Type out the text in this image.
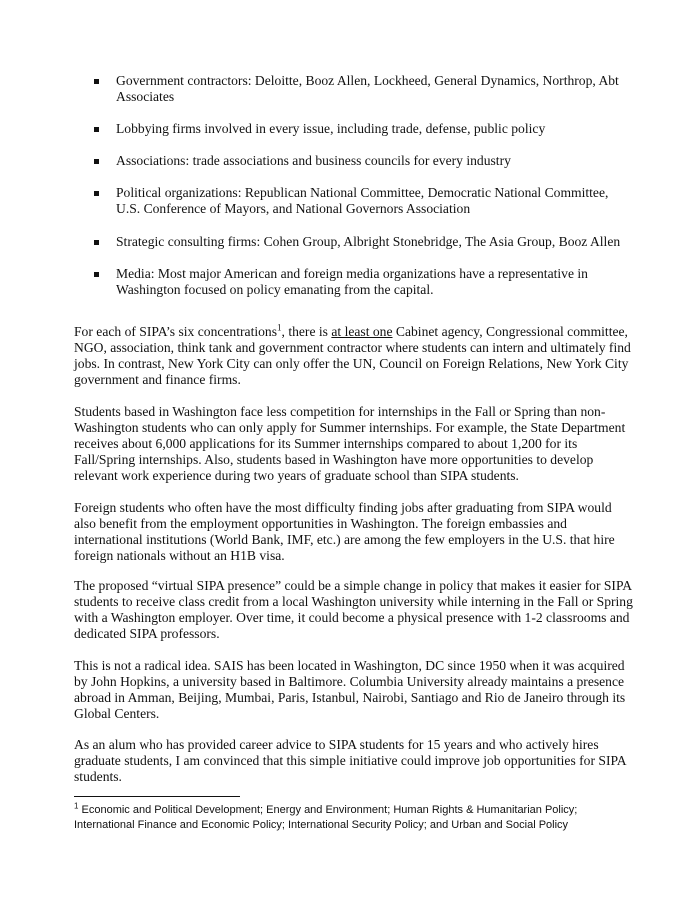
Government contractors: Deloitte, Booz Allen, Lockheed, General Dynamics, Northrop, Abt Associates
Lobbying firms involved in every issue, including trade, defense, public policy
Associations: trade associations and business councils for every industry
Political organizations: Republican National Committee, Democratic National Committee, U.S. Conference of Mayors, and National Governors Association
Strategic consulting firms: Cohen Group, Albright Stonebridge, The Asia Group, Booz Allen
Media: Most major American and foreign media organizations have a representative in Washington focused on policy emanating from the capital.

For each of SIPA’s six concentrations$^1$, there is at least one Cabinet agency, Congressional committee, NGO, association, think tank and government contractor where students can intern and ultimately find jobs. In contrast, New York City can only offer the UN, Council on Foreign Relations, New York City government and finance firms.

Students based in Washington face less competition for internships in the Fall or Spring than non-Washington students who can only apply for Summer internships. For example, the State Department receives about 6,000 applications for its Summer internships compared to about 1,200 for its Fall/Spring internships. Also, students based in Washington have more opportunities to develop relevant work experience during two years of graduate school than SIPA students.

Foreign students who often have the most difficulty finding jobs after graduating from SIPA would also benefit from the employment opportunities in Washington. The foreign embassies and international institutions (World Bank, IMF, etc.) are among the few employers in the U.S. that hire foreign nationals without an H1B visa.

The proposed “virtual SIPA presence” could be a simple change in policy that makes it easier for SIPA students to receive class credit from a local Washington university while interning in the Fall or Spring with a Washington employer. Over time, it could become a physical presence with 1-2 classrooms and dedicated SIPA professors.

This is not a radical idea. SAIS has been located in Washington, DC since 1950 when it was acquired by John Hopkins, a university based in Baltimore. Columbia University already maintains a presence abroad in Amman, Beijing, Mumbai, Paris, Istanbul, Nairobi, Santiago and Rio de Janeiro through its Global Centers.

As an alum who has provided career advice to SIPA students for 15 years and who actively hires graduate students, I am convinced that this simple initiative could improve job opportunities for SIPA students.

$^1$ Economic and Political Development; Energy and Environment; Human Rights & Humanitarian Policy; International Finance and Economic Policy; International Security Policy; and Urban and Social Policy
